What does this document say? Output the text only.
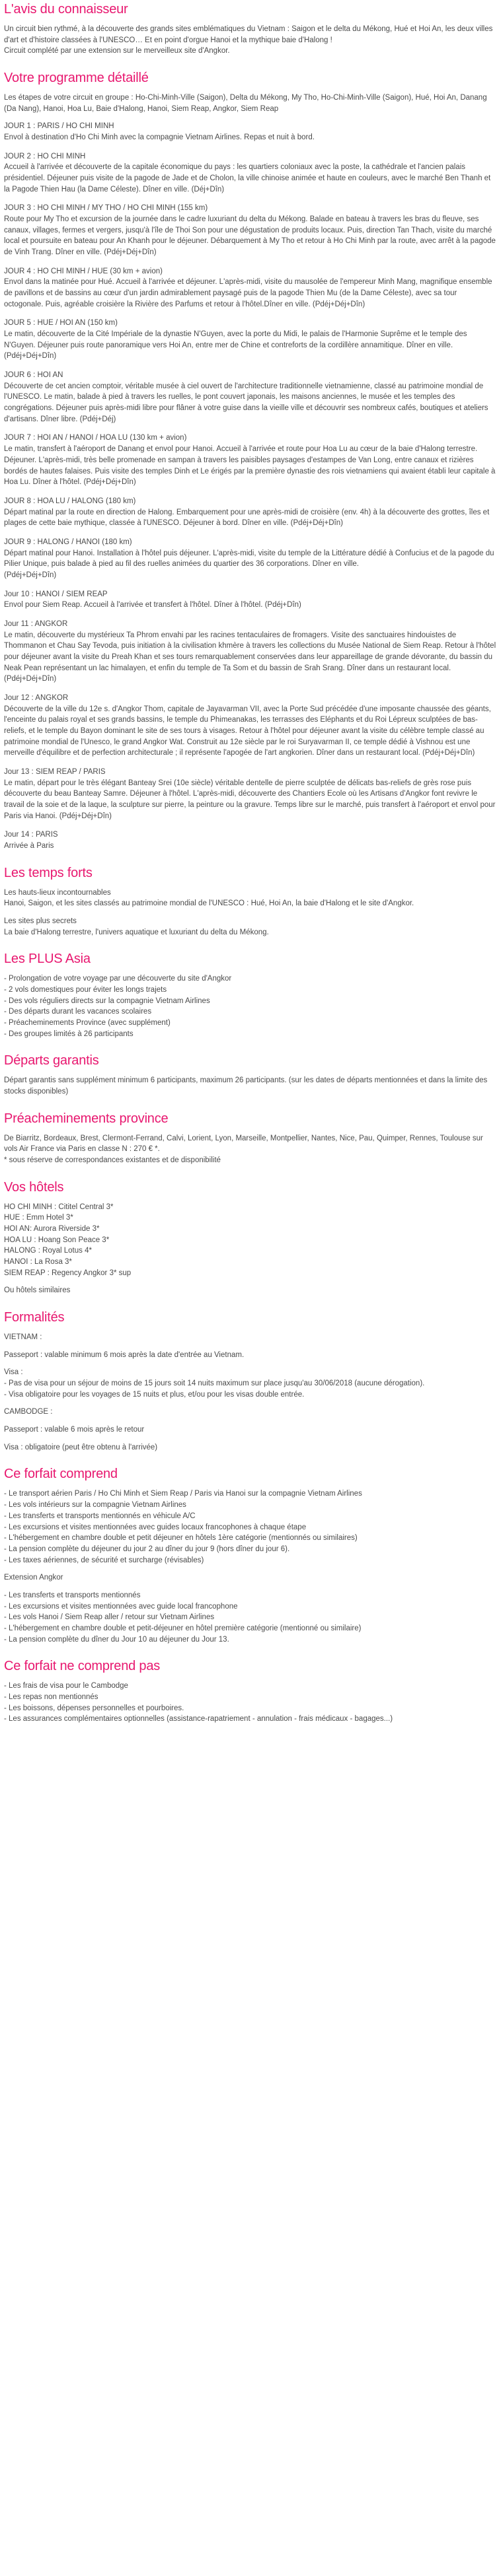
L'avis du connaisseur
Un circuit bien rythmé, à la découverte des grands sites emblématiques du Vietnam : Saigon et le delta du Mékong, Hué et Hoi An, les deux villes d'art et d'histoire classées à l'UNESCO… Et en point d'orgue Hanoi et la mythique baie d'Halong !
Circuit complété par une extension sur le merveilleux site d'Angkor.
Votre programme détaillé

Les étapes de votre circuit en groupe : Ho-Chi-Minh-Ville (Saigon), Delta du Mékong, My Tho, Ho-Chi-Minh-Ville (Saigon), Hué, Hoi An, Danang (Da Nang), Hanoi, Hoa Lu, Baie d'Halong, Hanoi, Siem Reap, Angkor, Siem Reap

JOUR 1 : PARIS / HO CHI MINH
Envol à destination d'Ho Chi Minh avec la compagnie Vietnam Airlines. Repas et nuit à bord.
JOUR 2 : HO CHI MINH
Accueil à l'arrivée et découverte de la capitale économique du pays : les quartiers coloniaux avec la poste, la cathédrale et l'ancien palais présidentiel. Déjeuner puis visite de la pagode de Jade et de Cholon, la ville chinoise animée et haute en couleurs, avec le marché Ben Thanh et la Pagode Thien Hau (la Dame Céleste). Dîner en ville. (Déj+Dîn)
JOUR 3 : HO CHI MINH / MY THO / HO CHI MINH (155 km)
Route pour My Tho et excursion de la journée dans le cadre luxuriant du delta du Mékong. Balade en bateau à travers les bras du fleuve, ses canaux, villages, fermes et vergers, jusqu'à l'île de Thoi Son pour une dégustation de produits locaux. Puis, direction Tan Thach, visite du marché local et poursuite en bateau pour An Khanh pour le déjeuner. Débarquement à My Tho et retour à Ho Chi Minh par la route, avec arrêt à la pagode de Vinh Trang. Dîner en ville. (Pdéj+Déj+Dîn)
JOUR 4 : HO CHI MINH / HUE (30 km + avion)
Envol dans la matinée pour Hué. Accueil à l'arrivée et déjeuner. L'après-midi, visite du mausolée de l'empereur Minh Mang, magnifique ensemble de pavillons et de bassins au cœur d'un jardin admirablement paysagé puis de la pagode Thien Mu (de la Dame Céleste), avec sa tour octogonale. Puis, agréable croisière la Rivière des Parfums et retour à l'hôtel.Dîner en ville. (Pdéj+Déj+Dîn)
JOUR 5 : HUE / HOI AN (150 km)
Le matin, découverte de la Cité Impériale de la dynastie N'Guyen, avec la porte du Midi, le palais de l'Harmonie Suprême et le temple des N'Guyen. Déjeuner puis route panoramique vers Hoi An, entre mer de Chine et contreforts de la cordillère annamitique. Dîner en ville. (Pdéj+Déj+Dîn)
JOUR 6 : HOI AN
Découverte de cet ancien comptoir, véritable musée à ciel ouvert de l'architecture traditionnelle vietnamienne, classé au patrimoine mondial de l'UNESCO. Le matin, balade à pied à travers les ruelles, le pont couvert japonais, les maisons anciennes, le musée et les temples des congrégations. Déjeuner puis après-midi libre pour flâner à votre guise dans la vieille ville et découvrir ses nombreux cafés, boutiques et ateliers d'artisans. Dîner libre. (Pdéj+Déj)
JOUR 7 : HOI AN / HANOI / HOA LU (130 km + avion)
Le matin, transfert à l'aéroport de Danang et envol pour Hanoi. Accueil à l'arrivée et route pour Hoa Lu au cœur de la baie d'Halong terrestre. Déjeuner. L'après-midi, très belle promenade en sampan à travers les paisibles paysages d'estampes de Van Long, entre canaux et rizières bordés de hautes falaises. Puis visite des temples Dinh et Le érigés par la première dynastie des rois vietnamiens qui avaient établi leur capitale à Hoa Lu. Dîner à l'hôtel. (Pdéj+Déj+Dîn)
JOUR 8 : HOA LU / HALONG (180 km)
Départ matinal par la route en direction de Halong. Embarquement pour une après-midi de croisière (env. 4h) à la découverte des grottes, îles et plages de cette baie mythique, classée à l'UNESCO. Déjeuner à bord. Dîner en ville. (Pdéj+Déj+Dîn)
JOUR 9 : HALONG / HANOI (180 km)
Départ matinal pour Hanoi. Installation à l'hôtel puis déjeuner. L'après-midi, visite du temple de la Littérature dédié à Confucius et de la pagode du Pilier Unique, puis balade à pied au fil des ruelles animées du quartier des 36 corporations. Dîner en ville.
(Pdéj+Déj+Dîn)
Jour 10 : HANOI / SIEM REAP
Envol pour Siem Reap. Accueil à l'arrivée et transfert à l'hôtel. Dîner à l'hôtel. (Pdéj+Dîn)
Jour 11 : ANGKOR
Le matin, découverte du mystérieux Ta Phrom envahi par les racines tentaculaires de fromagers. Visite des sanctuaires hindouistes de Thommanon et Chau Say Tevoda, puis initiation à la civilisation khmère à travers les collections du Musée National de Siem Reap. Retour à l'hôtel pour déjeuner avant la visite du Preah Khan et ses tours remarquablement conservées dans leur appareillage de grande dévorante, du bassin du Neak Pean représentant un lac himalayen, et enfin du temple de Ta Som et du bassin de Srah Srang. Dîner dans un restaurant local. (Pdéj+Déj+Dîn)
Jour 12 : ANGKOR
Découverte de la ville du 12e s. d'Angkor Thom, capitale de Jayavarman VII, avec la Porte Sud précédée d'une imposante chaussée des géants, l'enceinte du palais royal et ses grands bassins, le temple du Phimeanakas, les terrasses des Eléphants et du Roi Lépreux sculptées de bas-reliefs, et le temple du Bayon dominant le site de ses tours à visages. Retour à l'hôtel pour déjeuner avant la visite du célèbre temple classé au patrimoine mondial de l'Unesco, le grand Angkor Wat. Construit au 12e siècle par le roi Suryavarman II, ce temple dédié à Vishnou est une merveille d'équilibre et de perfection architecturale ; il représente l'apogée de l'art angkorien. Dîner dans un restaurant local. (Pdéj+Déj+Dîn)
Jour 13 : SIEM REAP / PARIS
Le matin, départ pour le très élégant Banteay Srei (10e siècle) véritable dentelle de pierre sculptée de délicats bas-reliefs de grès rose puis découverte du beau Banteay Samre. Déjeuner à l'hôtel. L'après-midi, découverte des Chantiers Ecole où les Artisans d'Angkor font revivre le travail de la soie et de la laque, la sculpture sur pierre, la peinture ou la gravure. Temps libre sur le marché, puis transfert à l'aéroport et envol pour Paris via Hanoi. (Pdéj+Déj+Dîn)
Jour 14 : PARIS
Arrivée à Paris
Les temps forts
Les hauts-lieux incontournables
Hanoi, Saigon, et les sites classés au patrimoine mondial de l'UNESCO : Hué, Hoi An, la baie d'Halong et le site d'Angkor.
Les sites plus secrets
La baie d'Halong terrestre, l'univers aquatique et luxuriant du delta du Mékong.
Les PLUS Asia
- Prolongation de votre voyage par une découverte du site d'Angkor
- 2 vols domestiques pour éviter les longs trajets
- Des vols réguliers directs sur la compagnie Vietnam Airlines
- Des départs durant les vacances scolaires
- Préacheminements Province (avec supplément)
- Des groupes limités à 26 participants
Départs garantis

Départ garantis sans supplément minimum 6 participants, maximum 26 participants. (sur les dates de départs mentionnées et dans la limite des stocks disponibles)

Préacheminements province
De Biarritz, Bordeaux, Brest, Clermont-Ferrand, Calvi, Lorient, Lyon, Marseille, Montpellier, Nantes, Nice, Pau, Quimper, Rennes, Toulouse sur vols Air France via Paris en classe N : 270 € *.
* sous réserve de correspondances existantes et de disponibilité
Vos hôtels
HO CHI MINH : Cititel Central 3*
HUE : Emm Hotel 3*
HOI AN: Aurora Riverside 3*
HOA LU : Hoang Son Peace 3*
HALONG : Royal Lotus 4*
HANOI : La Rosa 3*
SIEM REAP : Regency Angkor 3* sup

Ou hôtels similaires

Formalités

VIETNAM :

Passeport : valable minimum 6 mois après la date d'entrée au Vietnam.

Visa :
- Pas de visa pour un séjour de moins de 15 jours soit 14 nuits maximum sur place jusqu'au 30/06/2018 (aucune dérogation).
- Visa obligatoire pour les voyages de 15 nuits et plus, et/ou pour les visas double entrée.

CAMBODGE :

Passeport : valable 6 mois après le retour

Visa : obligatoire (peut être obtenu à l'arrivée)

Ce forfait comprend
- Le transport aérien Paris / Ho Chi Minh et Siem Reap / Paris via Hanoi sur la compagnie Vietnam Airlines
- Les vols intérieurs sur la compagnie Vietnam Airlines
- Les transferts et transports mentionnés en véhicule A/C
- Les excursions et visites mentionnées avec guides locaux francophones à chaque étape
- L'hébergement en chambre double et petit déjeuner en hôtels 1ère catégorie (mentionnés ou similaires)
- La pension complète du déjeuner du jour 2 au dîner du jour 9 (hors dîner du jour 6).
- Les taxes aériennes, de sécurité et surcharge (révisables)

Extension Angkor

- Les transferts et transports mentionnés
- Les excursions et visites mentionnées avec guide local francophone
- Les vols Hanoi / Siem Reap aller / retour sur Vietnam Airlines
- L'hébergement en chambre double et petit-déjeuner en hôtel première catégorie (mentionné ou similaire)
- La pension complète du dîner du Jour 10 au déjeuner du Jour 13.
Ce forfait ne comprend pas
- Les frais de visa pour le Cambodge
- Les repas non mentionnés
- Les boissons, dépenses personnelles et pourboires.
- Les assurances complémentaires optionnelles (assistance-rapatriement - annulation - frais médicaux - bagages...)
